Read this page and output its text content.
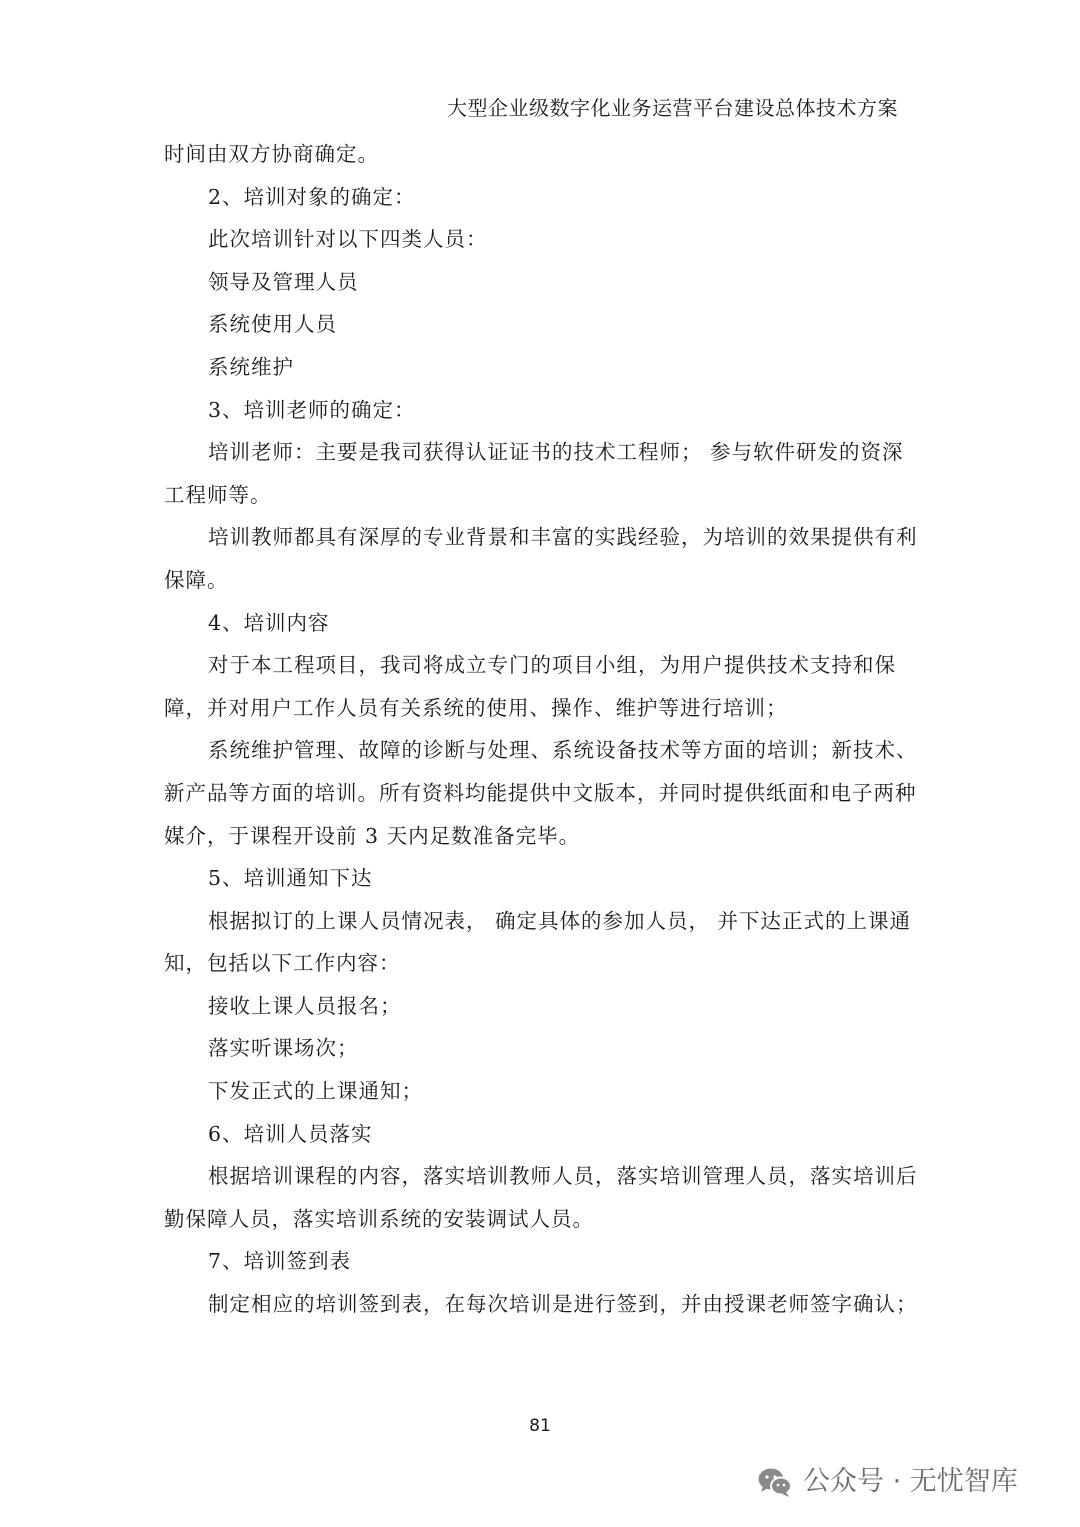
大型企业级数字化业务运营平台建设总体技术方案

时间由双方协商确定。

2、培训对象的确定：

此次培训针对以下四类人员：

领导及管理人员

系统使用人员

系统维护

3、培训老师的确定：

培训老师：主要是我司获得认证证书的技术工程师； 参与软件研发的资深工程师等。

培训教师都具有深厚的专业背景和丰富的实践经验，为培训的效果提供有利保障。

4、培训内容

对于本工程项目，我司将成立专门的项目小组，为用户提供技术支持和保障，并对用户工作人员有关系统的使用、操作、维护等进行培训；

系统维护管理、故障的诊断与处理、系统设备技术等方面的培训；新技术、新产品等方面的培训。所有资料均能提供中文版本，并同时提供纸面和电子两种媒介，于课程开设前 3 天内足数准备完毕。

5、培训通知下达

根据拟订的上课人员情况表， 确定具体的参加人员， 并下达正式的上课通知，包括以下工作内容：

接收上课人员报名；

落实听课场次；

下发正式的上课通知；

6、培训人员落实

根据培训课程的内容，落实培训教师人员，落实培训管理人员，落实培训后勤保障人员，落实培训系统的安装调试人员。

7、培训签到表

制定相应的培训签到表，在每次培训是进行签到，并由授课老师签字确认；

81
公众号 · 无忧智库
